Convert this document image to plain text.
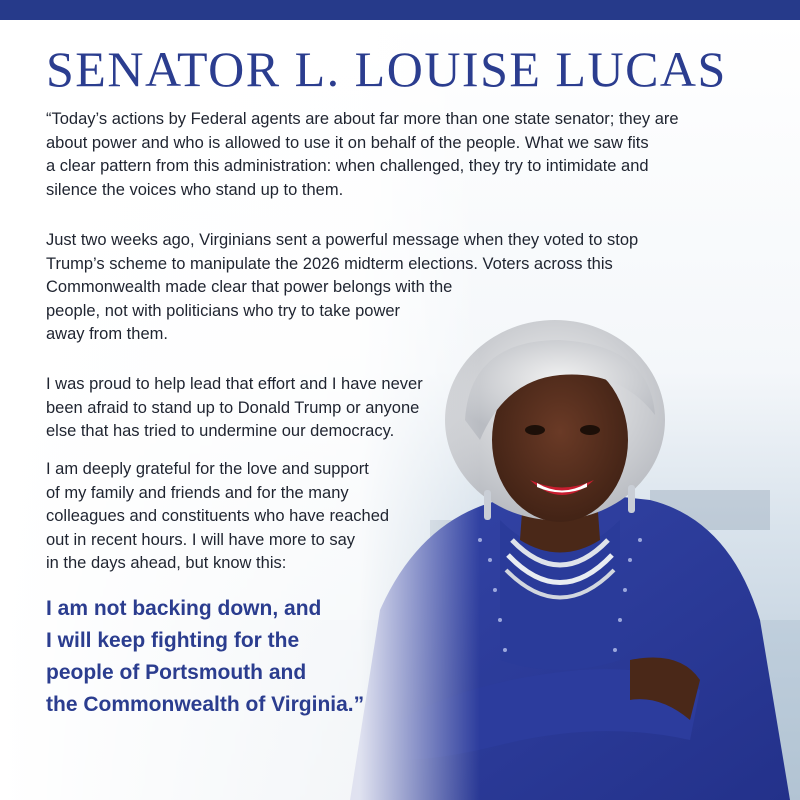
SENATOR L. LOUISE LUCAS
“Today’s actions by Federal agents are about far more than one state senator; they are
about power and who is allowed to use it on behalf of the people. What we saw fits
a clear pattern from this administration: when challenged, they try to intimidate and
silence the voices who stand up to them.
Just two weeks ago, Virginians sent a powerful message when they voted to stop
Trump’s scheme to manipulate the 2026 midterm elections. Voters across this
Commonwealth made clear that power belongs with the
people, not with politicians who try to take power
away from them.
I was proud to help lead that effort and I have never
been afraid to stand up to Donald Trump or anyone
else that has tried to undermine our democracy.
I am deeply grateful for the love and support
of my family and friends and for the many
colleagues and constituents who have reached
out in recent hours. I will have more to say
in the days ahead, but know this:
I am not backing down, and
I will keep fighting for the
people of Portsmouth and
the Commonwealth of Virginia.”
